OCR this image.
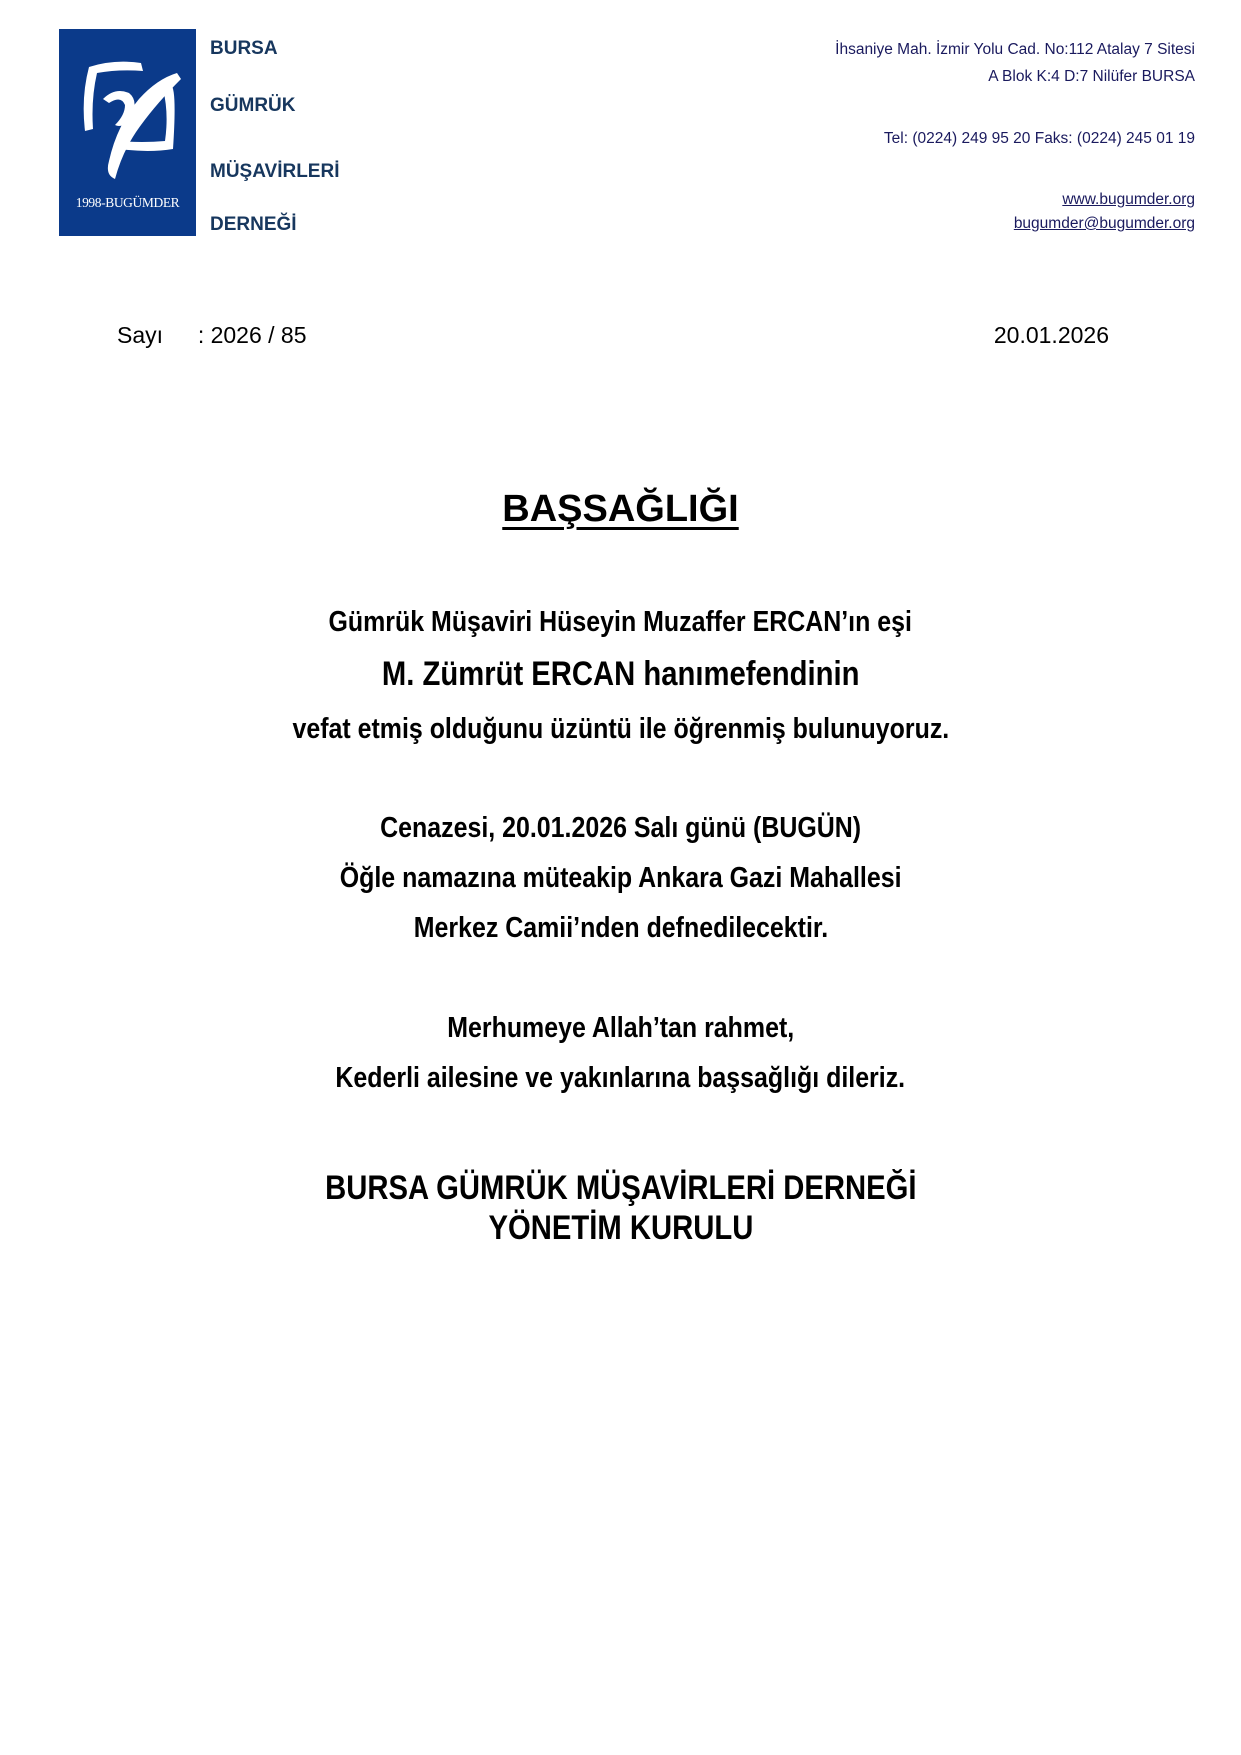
1998-BUGÜMDER
BURSA
GÜMRÜK
MÜŞAVİRLERİ
DERNEĞİ
İhsaniye Mah. İzmir Yolu Cad. No:112 Atalay 7 Sitesi
A Blok K:4 D:7 Nilüfer BURSA
Tel: (0224) 249 95 20 Faks: (0224) 245 01 19
www.bugumder.org
bugumder@bugumder.org
Sayı : 2026 / 85	20.01.2026
BAŞSAĞLIĞI
Gümrük Müşaviri Hüseyin Muzaffer ERCAN’ın eşi
M. Zümrüt ERCAN hanımefendinin
vefat etmiş olduğunu üzüntü ile öğrenmiş bulunuyoruz.
Cenazesi, 20.01.2026 Salı günü (BUGÜN)
Öğle namazına müteakip Ankara Gazi Mahallesi
Merkez Camii’nden defnedilecektir.
Merhumeye Allah’tan rahmet,
Kederli ailesine ve yakınlarına başsağlığı dileriz.
BURSA GÜMRÜK MÜŞAVİRLERİ DERNEĞİ
YÖNETİM KURULU
